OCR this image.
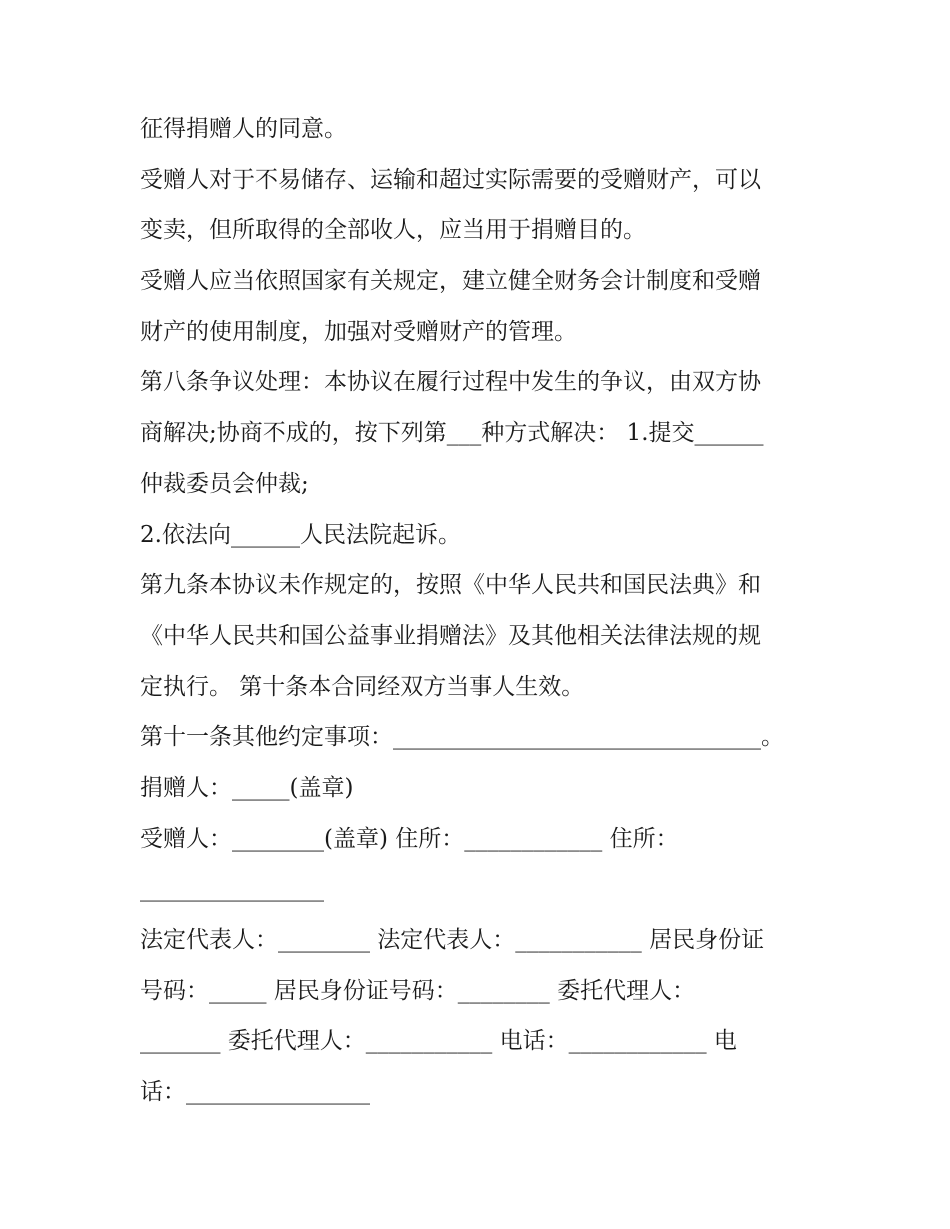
征得捐赠人的同意。
受赠人对于不易储存、运输和超过实际需要的受赠财产，可以
变卖，但所取得的全部收人，应当用于捐赠目的。
受赠人应当依照国家有关规定，建立健全财务会计制度和受赠
财产的使用制度，加强对受赠财产的管理。
第八条争议处理：本协议在履行过程中发生的争议，由双方协
商解决;协商不成的，按下列第___种方式解决： 1.提交______
仲裁委员会仲裁;
2.依法向______人民法院起诉。
第九条本协议未作规定的，按照《中华人民共和国民法典》和
《中华人民共和国公益事业捐赠法》及其他相关法律法规的规
定执行。 第十条本合同经双方当事人生效。
第十一条其他约定事项：________________________________。
捐赠人：_____(盖章)
受赠人：________(盖章) 住所：____________ 住所：
________________
法定代表人：________ 法定代表人：___________ 居民身份证
号码：_____ 居民身份证号码：________ 委托代理人：
_______ 委托代理人：___________ 电话：____________ 电
话：________________
